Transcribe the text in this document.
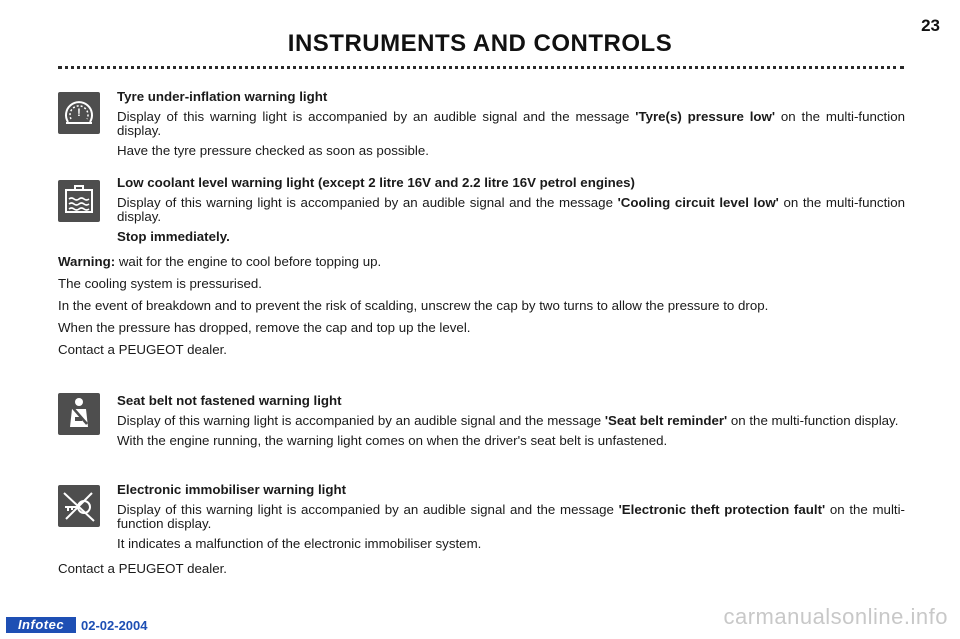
INSTRUMENTS AND CONTROLS
23
!
Tyre under-inflation warning light
Display of this warning light is accompanied by an audible signal and the message 'Tyre(s) pressure low' on the multi-function display.
Have the tyre pressure checked as soon as possible.
Low coolant level warning light (except 2 litre 16V and 2.2 litre 16V petrol engines)
Display of this warning light is accompanied by an audible signal and the message 'Cooling circuit level low' on the multi-function display.
Stop immediately.
Warning: wait for the engine to cool before topping up.
The cooling system is pressurised.
In the event of breakdown and to prevent the risk of scalding, unscrew the cap by two turns to allow the pressure to drop.
When the pressure has dropped, remove the cap and top up the level.
Contact a PEUGEOT dealer.
Seat belt not fastened warning light
Display of this warning light is accompanied by an audible signal and the message 'Seat belt reminder' on the multi-function display.
With the engine running, the warning light comes on when the driver's seat belt is unfastened.
Electronic immobiliser warning light
Display of this warning light is accompanied by an audible signal and the message 'Electronic theft protection fault' on the multi-function display.
It indicates a malfunction of the electronic immobiliser system.
Contact a PEUGEOT dealer.
Infotec	02-02-2004	carmanualsonline.info
